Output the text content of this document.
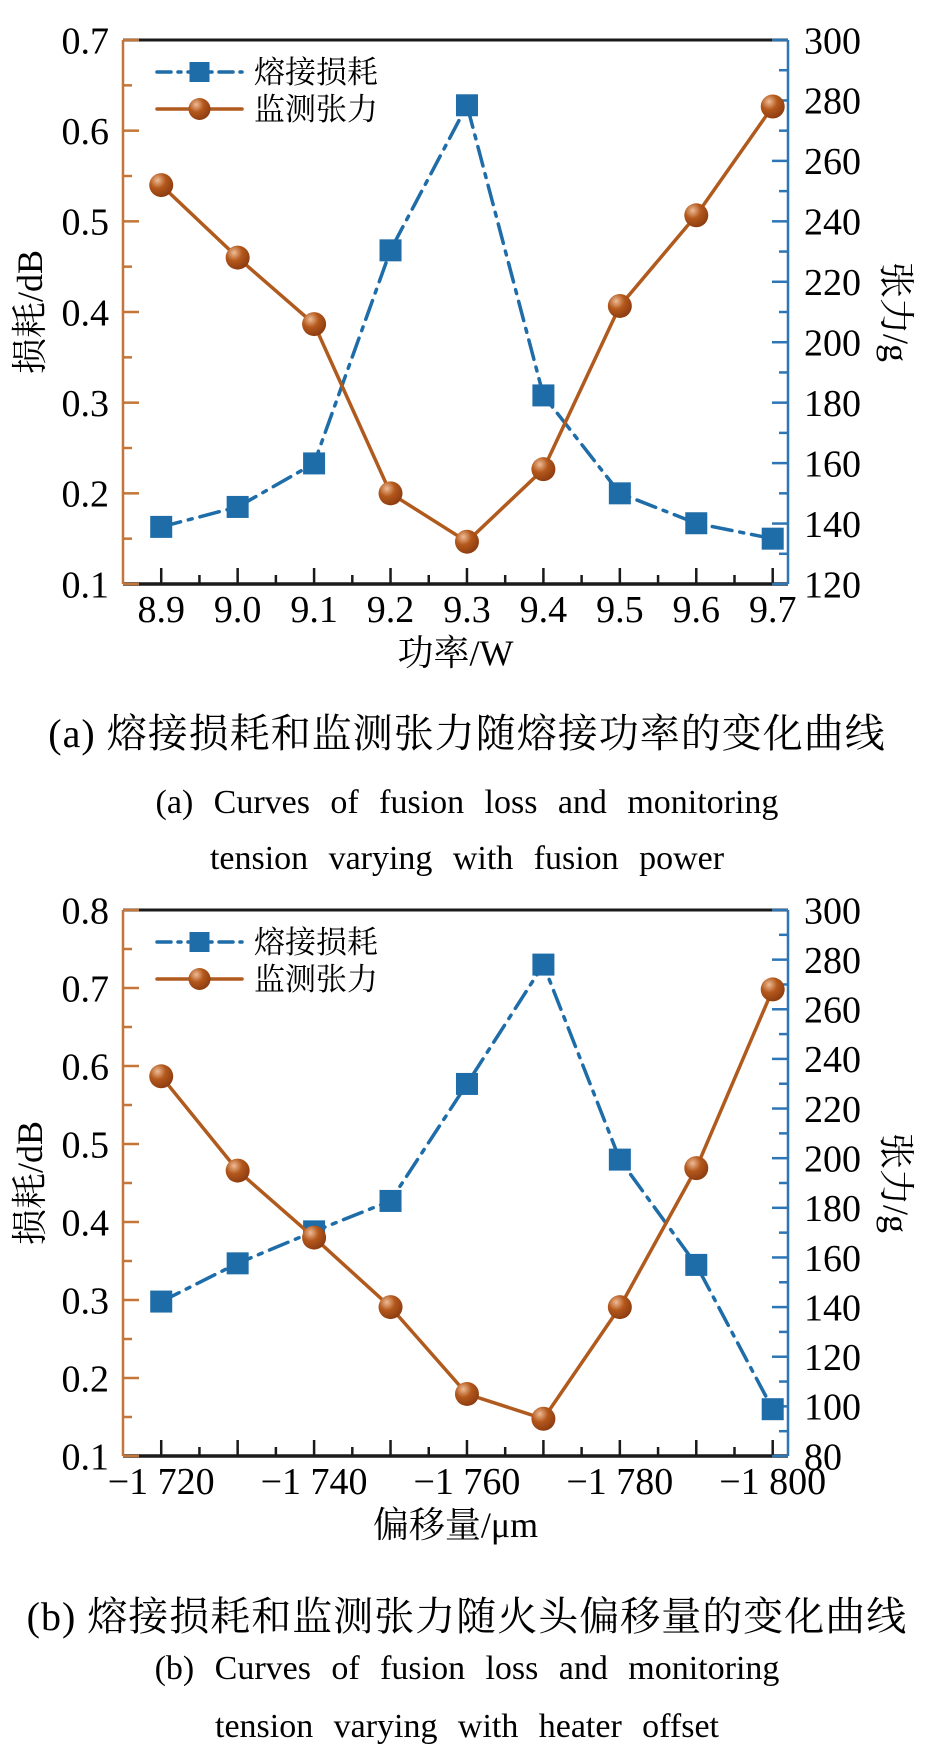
8.9 9.0 9.1 9.2 9.3 9.4 9.5 9.6 9.7
0.1
0.2
0.3
0.4
0.5
0.6
0.7
120
140
160
180
200
220
240
260
280
300
功率/W
损耗/dB	张力/g
熔接损耗
监测张力
−1 720 −1 740 −1 760 −1 780 −1 800
0.1
0.2
0.3
0.4
0.5
0.6
0.7
0.8
80
100
120
140
160
180
200
220
240
260
280
300
偏移量/μm
损耗/dB	张力/g
熔接损耗
监测张力
(a) 熔接损耗和监测张力随熔接功率的变化曲线
(a) Curves of fusion loss and monitoring
tension varying with fusion power
(b) 熔接损耗和监测张力随火头偏移量的变化曲线
(b) Curves of fusion loss and monitoring
tension varying with heater offset
